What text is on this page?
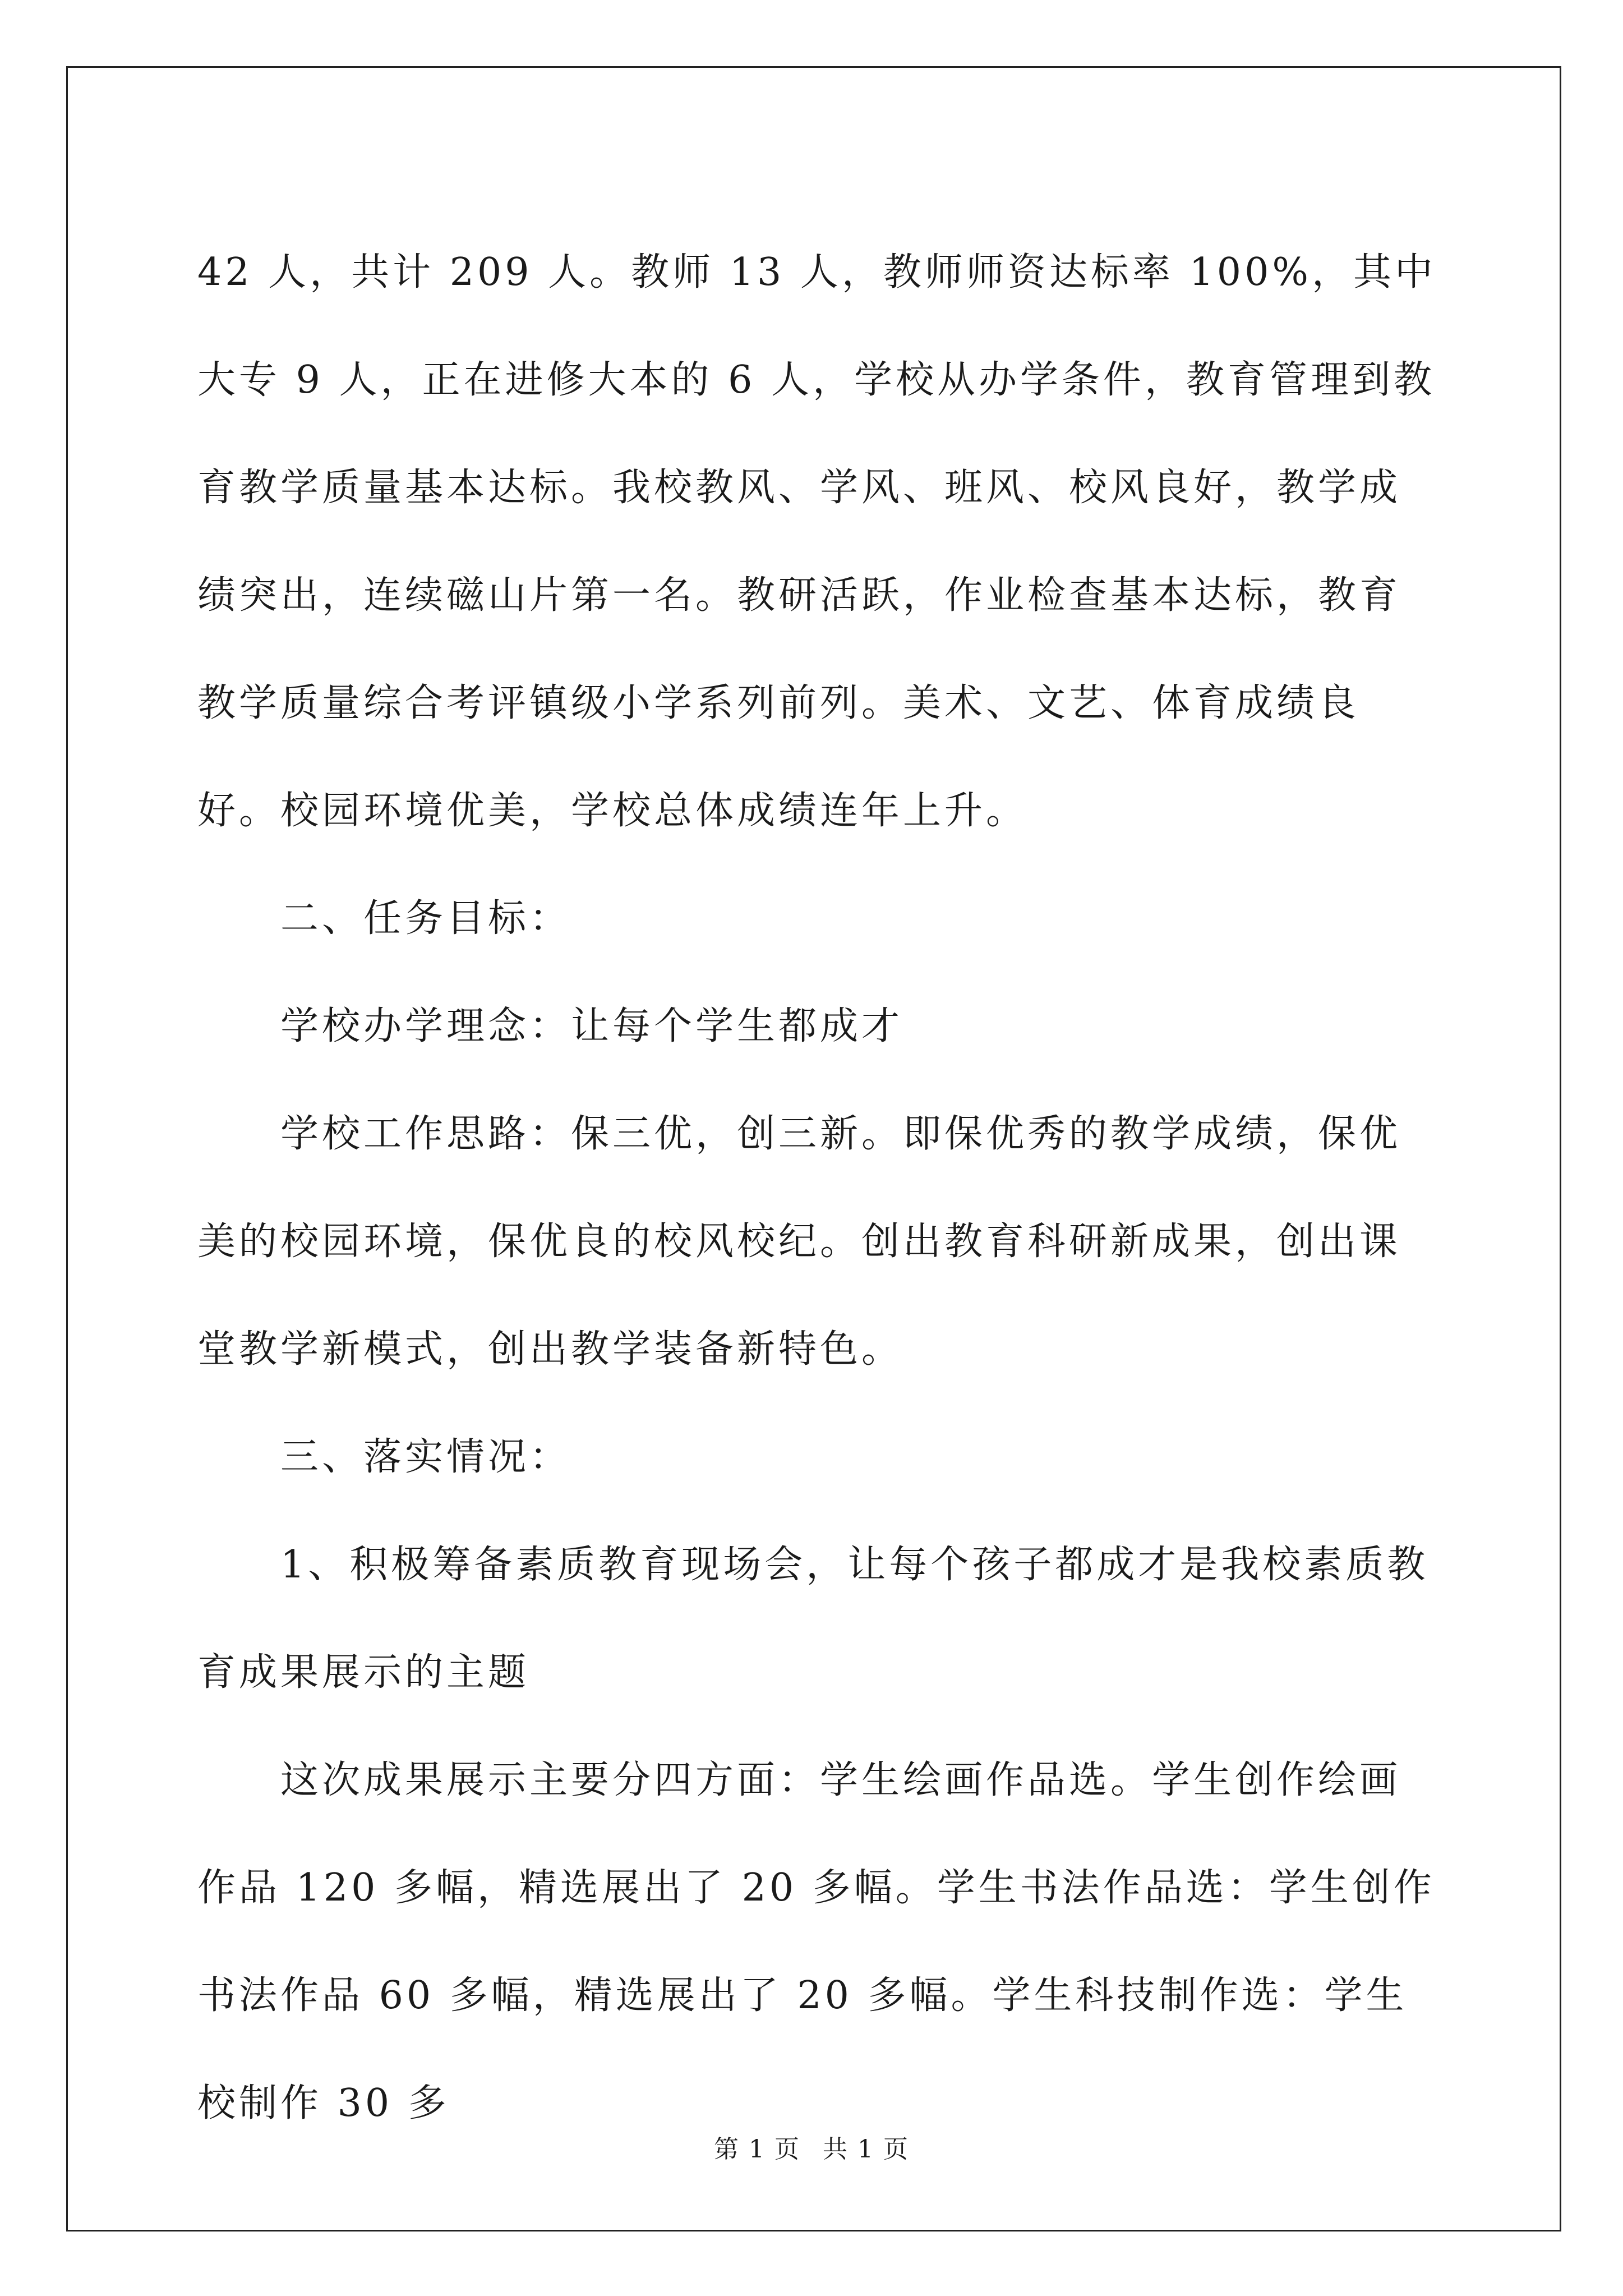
42 人，共计 209 人。教师 13 人，教师师资达标率 100%，其中大专 9 人，正在进修大本的 6 人，学校从办学条件，教育管理到教育教学质量基本达标。我校教风、学风、班风、校风良好，教学成绩突出，连续磁山片第一名。教研活跃，作业检查基本达标，教育教学质量综合考评镇级小学系列前列。美术、文艺、体育成绩良好。校园环境优美，学校总体成绩连年上升。

二、任务目标：

学校办学理念：让每个学生都成才

学校工作思路：保三优，创三新。即保优秀的教学成绩，保优美的校园环境，保优良的校风校纪。创出教育科研新成果，创出课堂教学新模式，创出教学装备新特色。

三、落实情况：

1、积极筹备素质教育现场会，让每个孩子都成才是我校素质教育成果展示的主题

这次成果展示主要分四方面：学生绘画作品选。学生创作绘画作品 120 多幅，精选展出了 20 多幅。学生书法作品选：学生创作书法作品 60 多幅，精选展出了 20 多幅。学生科技制作选：学生校制作 30 多

第 1 页 共 1 页
